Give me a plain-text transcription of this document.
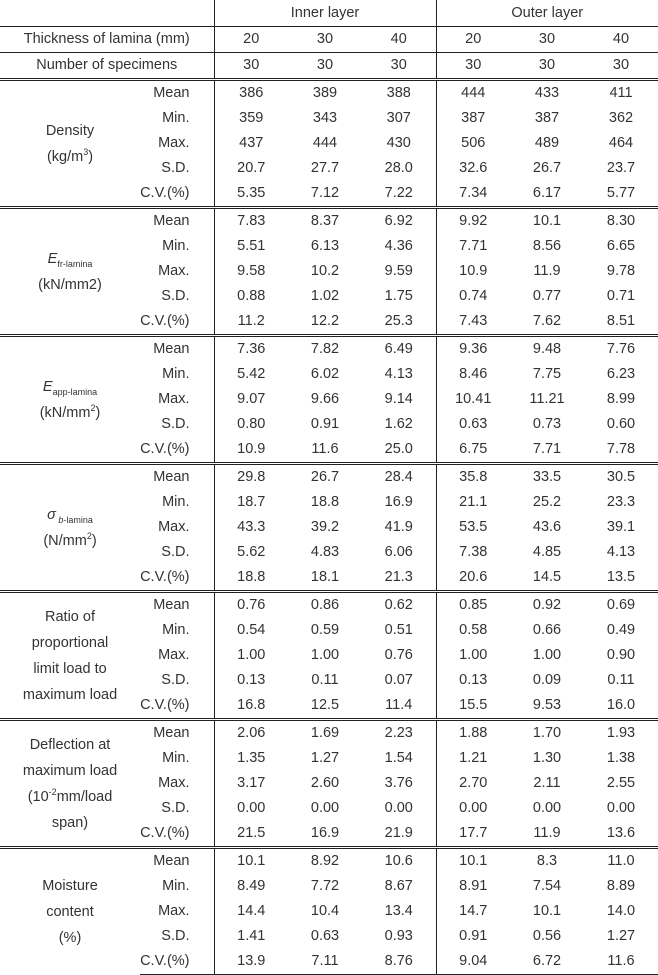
		Inner layer			Outer layer		
Thickness of lamina (mm)		20	30	40	20	30	40
Number of specimens		30	30	30	30	30	30

Density
$(kg/m^3)$	Mean	386	389	388	444	433	411
	Min.	359	343	307	387	387	362
	Max.	437	444	430	506	489	464
	S.D.	20.7	27.7	28.0	32.6	26.7	23.7
	C.V.(%)	5.35	7.12	7.22	7.34	6.17	5.77

$E_{fr-lamina}$
(kN/mm2)	Mean	7.83	8.37	6.92	9.92	10.1	8.30
	Min.	5.51	6.13	4.36	7.71	8.56	6.65
	Max.	9.58	10.2	9.59	10.9	11.9	9.78
	S.D.	0.88	1.02	1.75	0.74	0.77	0.71
	C.V.(%)	11.2	12.2	25.3	7.43	7.62	8.51

$E_{app-lamina}$
$(kN/mm^2)$	Mean	7.36	7.82	6.49	9.36	9.48	7.76
	Min.	5.42	6.02	4.13	8.46	7.75	6.23
	Max.	9.07	9.66	9.14	10.41	11.21	8.99
	S.D.	0.80	0.91	1.62	0.63	0.73	0.60
	C.V.(%)	10.9	11.6	25.0	6.75	7.71	7.78

σ $_{b-lamina}$
$(N/mm^2)$	Mean	29.8	26.7	28.4	35.8	33.5	30.5
	Min.	18.7	18.8	16.9	21.1	25.2	23.3
	Max.	43.3	39.2	41.9	53.5	43.6	39.1
	S.D.	5.62	4.83	6.06	7.38	4.85	4.13
	C.V.(%)	18.8	18.1	21.3	20.6	14.5	13.5

Ratio of
proportional
limit load to
maximum load	Mean	0.76	0.86	0.62	0.85	0.92	0.69
	Min.	0.54	0.59	0.51	0.58	0.66	0.49
	Max.	1.00	1.00	0.76	1.00	1.00	0.90
	S.D.	0.13	0.11	0.07	0.13	0.09	0.11
	C.V.(%)	16.8	12.5	11.4	15.5	9.53	16.0

Deflection at
maximum load
($10^{-2}mm$/load
span)	Mean	2.06	1.69	2.23	1.88	1.70	1.93
	Min.	1.35	1.27	1.54	1.21	1.30	1.38
	Max.	3.17	2.60	3.76	2.70	2.11	2.55
	S.D.	0.00	0.00	0.00	0.00	0.00	0.00
	C.V.(%)	21.5	16.9	21.9	17.7	11.9	13.6

Moisture
content
(%)	Mean	10.1	8.92	10.6	10.1	8.3	11.0
	Min.	8.49	7.72	8.67	8.91	7.54	8.89
	Max.	14.4	10.4	13.4	14.7	10.1	14.0
	S.D.	1.41	0.63	0.93	0.91	0.56	1.27
	C.V.(%)	13.9	7.11	8.76	9.04	6.72	11.6
